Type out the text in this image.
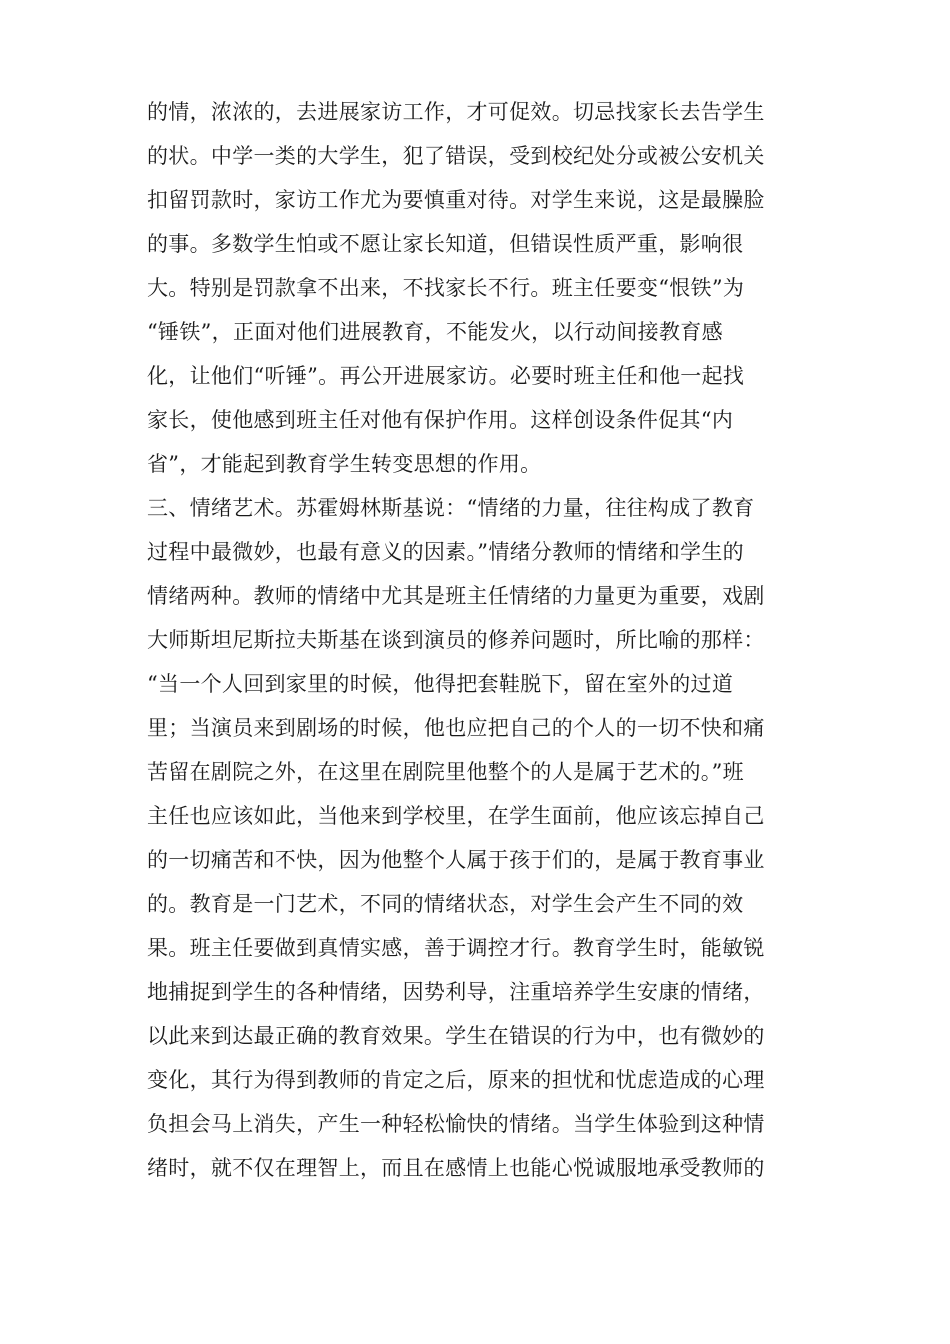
的情，浓浓的，去进展家访工作，才可促效。切忌找家长去告学生
的状。中学一类的大学生，犯了错误，受到校纪处分或被公安机关
扣留罚款时，家访工作尤为要慎重对待。对学生来说，这是最臊脸
的事。多数学生怕或不愿让家长知道，但错误性质严重，影响很
大。特别是罚款拿不出来，不找家长不行。班主任要变“恨铁”为
“锤铁”，正面对他们进展教育，不能发火，以行动间接教育感
化，让他们“听锤”。再公开进展家访。必要时班主任和他一起找
家长，使他感到班主任对他有保护作用。这样创设条件促其“内
省”，才能起到教育学生转变思想的作用。
三、情绪艺术。苏霍姆林斯基说：“情绪的力量，往往构成了教育
过程中最微妙，也最有意义的因素。”情绪分教师的情绪和学生的
情绪两种。教师的情绪中尤其是班主任情绪的力量更为重要，戏剧
大师斯坦尼斯拉夫斯基在谈到演员的修养问题时，所比喻的那样：
“当一个人回到家里的时候，他得把套鞋脱下，留在室外的过道
里；当演员来到剧场的时候，他也应把自己的个人的一切不快和痛
苦留在剧院之外，在这里在剧院里他整个的人是属于艺术的。”班
主任也应该如此，当他来到学校里，在学生面前，他应该忘掉自己
的一切痛苦和不快，因为他整个人属于孩于们的，是属于教育事业
的。教育是一门艺术，不同的情绪状态，对学生会产生不同的效
果。班主任要做到真情实感，善于调控才行。教育学生时，能敏锐
地捕捉到学生的各种情绪，因势利导，注重培养学生安康的情绪，
以此来到达最正确的教育效果。学生在错误的行为中，也有微妙的
变化，其行为得到教师的肯定之后，原来的担忧和忧虑造成的心理
负担会马上消失，产生一种轻松愉快的情绪。当学生体验到这种情
绪时，就不仅在理智上，而且在感情上也能心悦诚服地承受教师的
